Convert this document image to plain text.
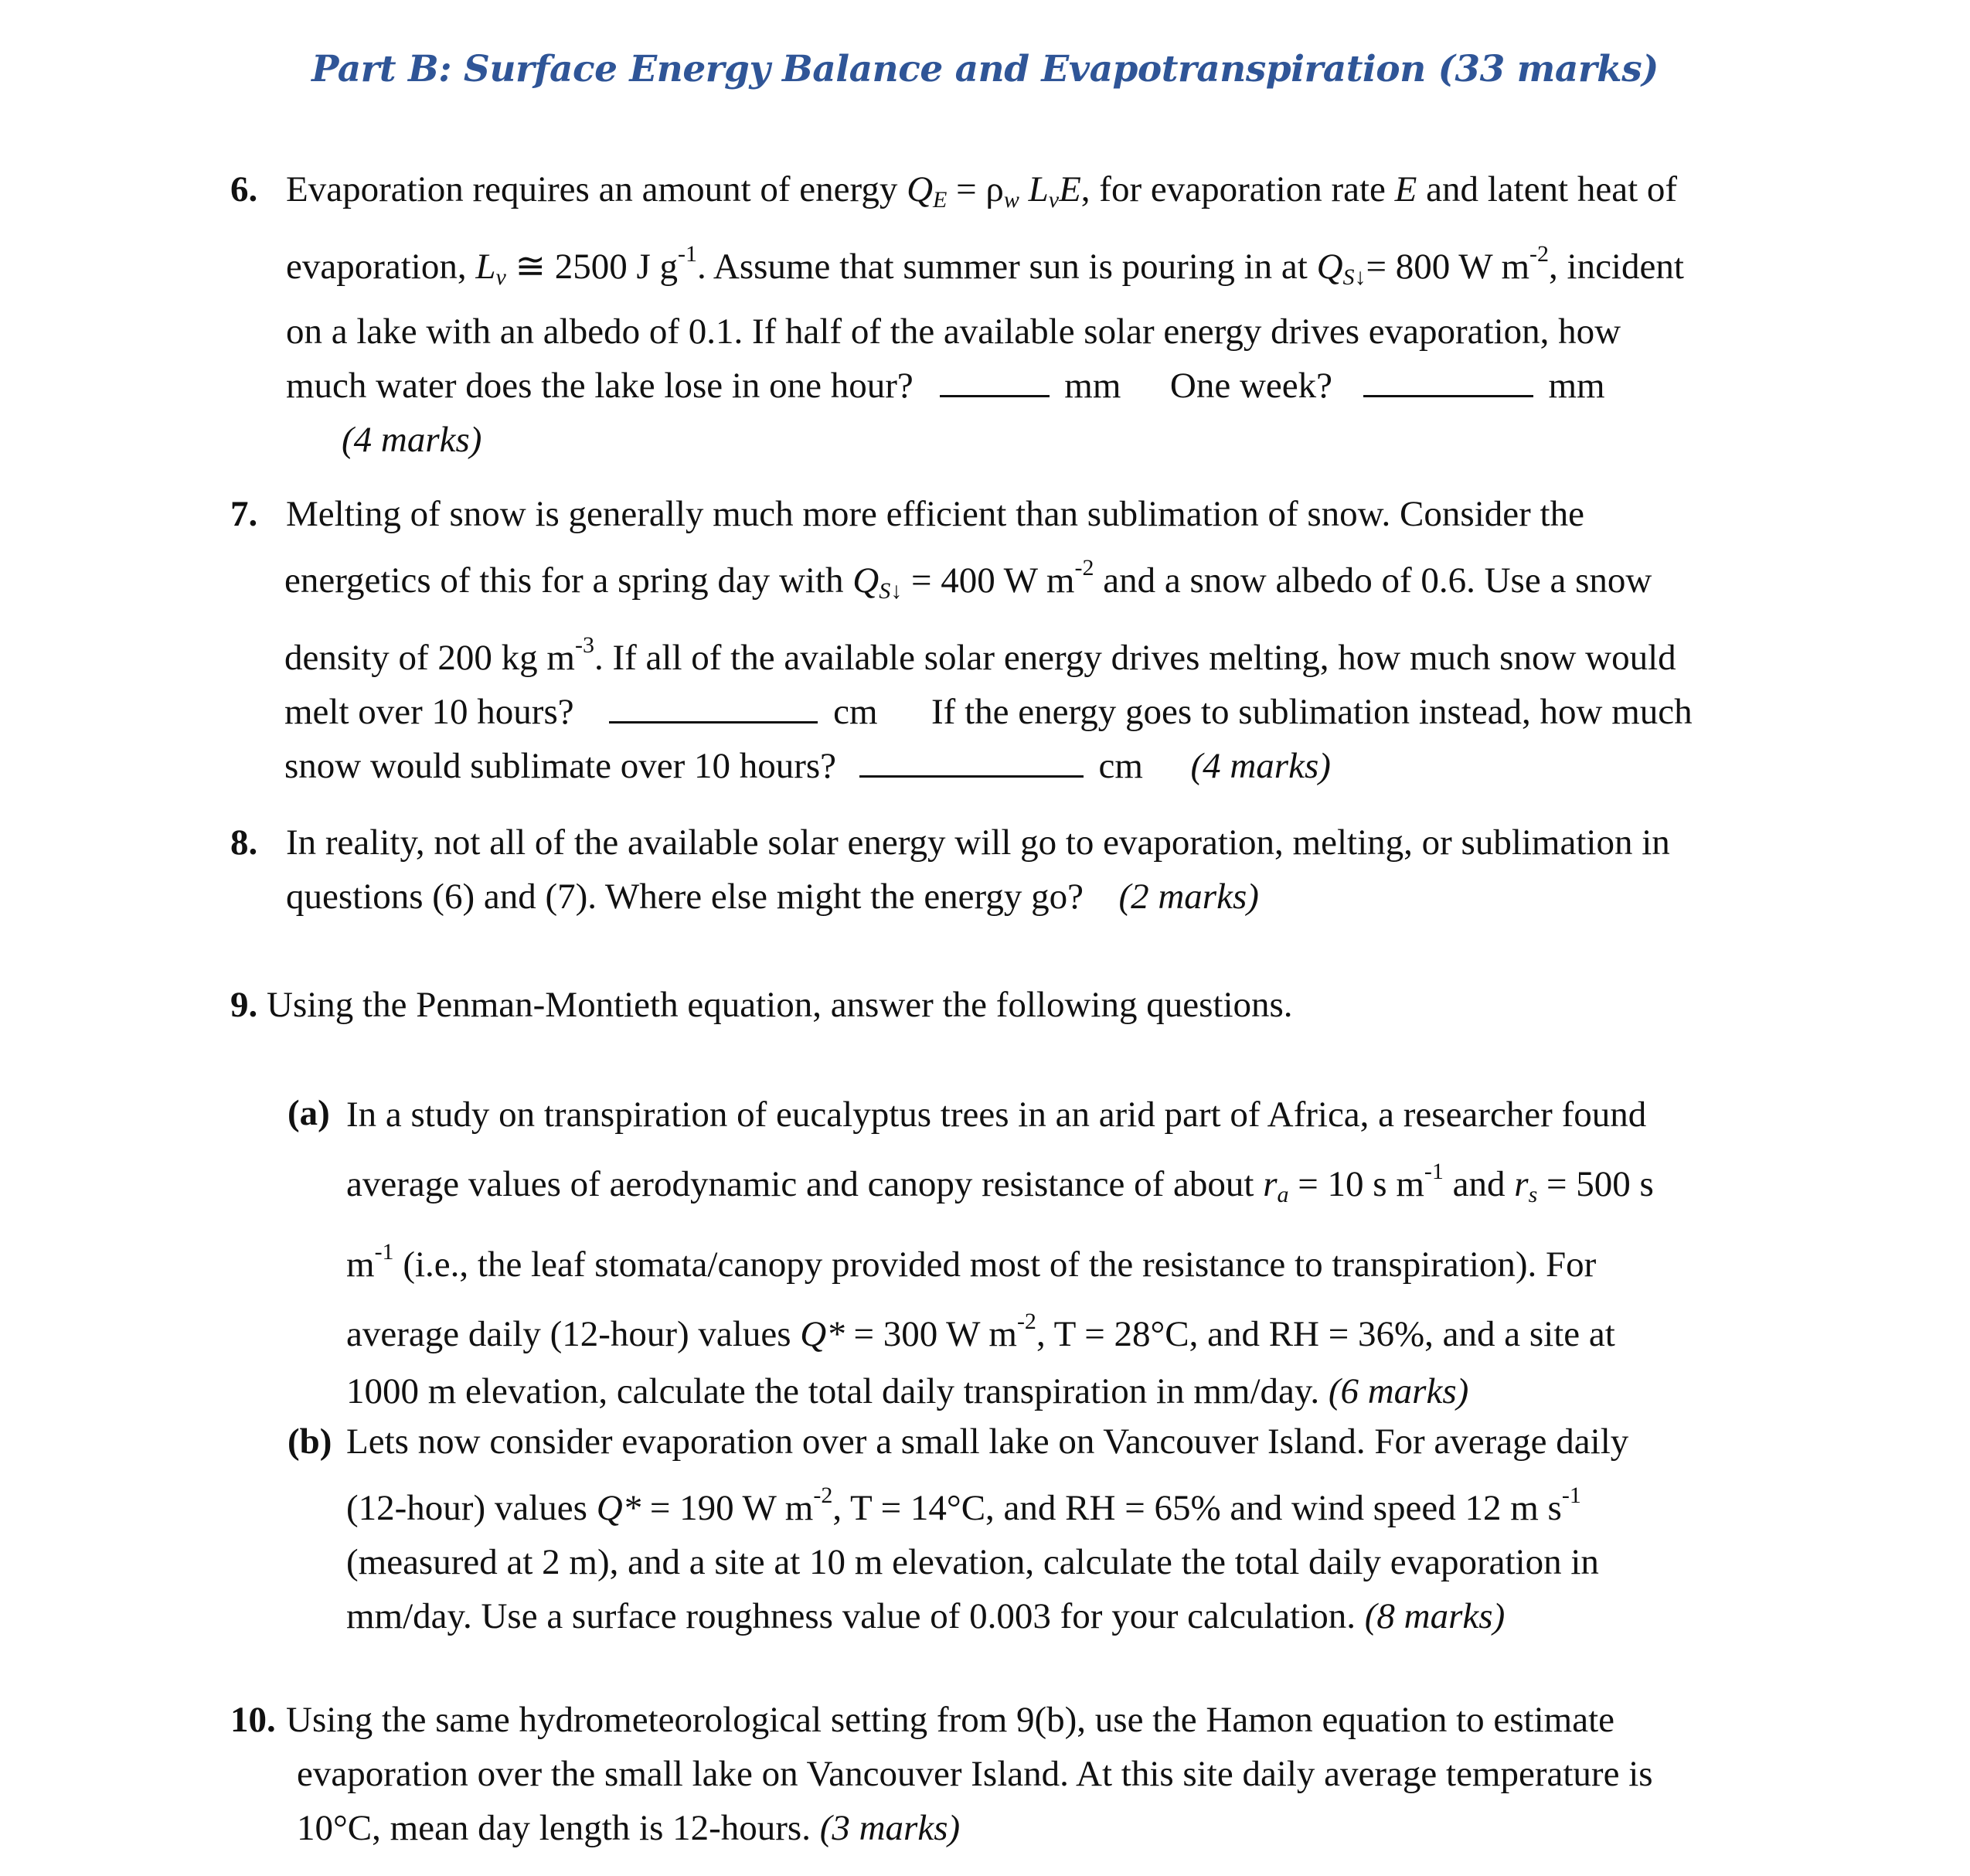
Part B: Surface Energy Balance and Evapotranspiration (33 marks)
6. Evaporation requires an amount of energy $Q_E = \rho_w$ $L_vE$, for evaporation rate E and latent heat of
evaporation, $L_v$ ≅ 2500 J $g^{-1}$. Assume that summer sun is pouring in at $Q_{S↓}= 800$ W $m^{-2}$, incident
on a lake with an albedo of 0.1. If half of the available solar energy drives evaporation, how
much water does the lake lose in one hour?	mm One week?	mm
(4 marks)
7. Melting of snow is generally much more efficient than sublimation of snow. Consider the
energetics of this for a spring day with $Q_{S↓} = 400$ W $m^{-2}$ and a snow albedo of 0.6. Use a snow
density of 200 kg $m^{-3}$. If all of the available solar energy drives melting, how much snow would
melt over 10 hours?	cm If the energy goes to sublimation instead, how much
snow would sublimate over 10 hours?	cm (4 marks)
8. In reality, not all of the available solar energy will go to evaporation, melting, or sublimation in
questions (6) and (7). Where else might the energy go? (2 marks)
9. Using the Penman-Montieth equation, answer the following questions.
(a) In a study on transpiration of eucalyptus trees in an arid part of Africa, a researcher found
average values of aerodynamic and canopy resistance of about $r_a = 10$ s $m^{-1}$ and $r_s = 500$ s
$m^{-1}$ (i.e., the leaf stomata/canopy provided most of the resistance to transpiration). For
average daily (12-hour) values Q* = 300 W $m^{-2}$, T = 28°C, and RH = 36%, and a site at
1000 m elevation, calculate the total daily transpiration in mm/day. (6 marks)
(b) Lets now consider evaporation over a small lake on Vancouver Island. For average daily
(12-hour) values Q* = 190 W $m^{-2}$, T = 14°C, and RH = 65% and wind speed 12 m $s^{-1}$
(measured at 2 m), and a site at 10 m elevation, calculate the total daily evaporation in
mm/day. Use a surface roughness value of 0.003 for your calculation. (8 marks)
10. Using the same hydrometeorological setting from 9(b), use the Hamon equation to estimate
evaporation over the small lake on Vancouver Island. At this site daily average temperature is
10°C, mean day length is 12-hours. (3 marks)
